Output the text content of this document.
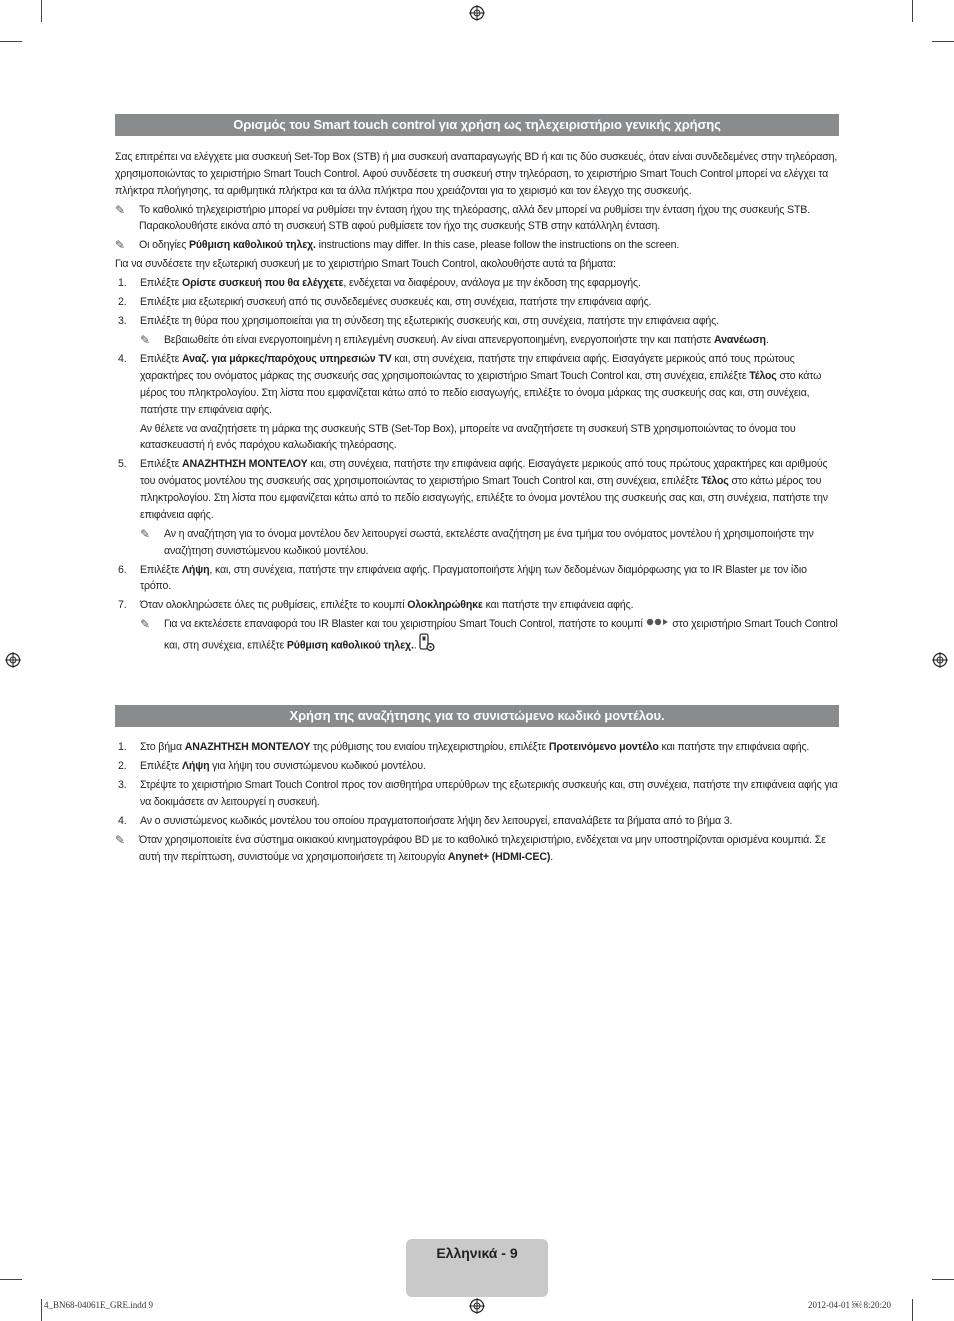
Ορισμός του Smart touch control για χρήση ως τηλεχειριστήριο γενικής χρήσης

Σας επιτρέπει να ελέγχετε μια συσκευή Set-Top Box (STB) ή μια συσκευή αναπαραγωγής BD ή και τις δύο συσκευές, όταν είναι συνδεδεμένες στην τηλεόραση, χρησιμοποιώντας το χειριστήριο Smart Touch Control. Αφού συνδέσετε τη συσκευή στην τηλεόραση, το χειριστήριο Smart Touch Control μπορεί να ελέγχει τα πλήκτρα πλοήγησης, τα αριθμητικά πλήκτρα και τα άλλα πλήκτρα που χρειάζονται για το χειρισμό και τον έλεγχο της συσκευής.

✎ Το καθολικό τηλεχειριστήριο μπορεί να ρυθμίσει την ένταση ήχου της τηλεόρασης, αλλά δεν μπορεί να ρυθμίσει την ένταση ήχου της συσκευής STB. Παρακολουθήστε εικόνα από τη συσκευή STB αφού ρυθμίσετε τον ήχο της συσκευής STB στην κατάλληλη ένταση.

✎ Οι οδηγίες Ρύθμιση καθολικού τηλεχ. instructions may differ. In this case, please follow the instructions on the screen.

Για να συνδέσετε την εξωτερική συσκευή με το χειριστήριο Smart Touch Control, ακολουθήστε αυτά τα βήματα:

1. Επιλέξτε Ορίστε συσκευή που θα ελέγχετε, ενδέχεται να διαφέρουν, ανάλογα με την έκδοση της εφαρμογής.

2. Επιλέξτε μια εξωτερική συσκευή από τις συνδεδεμένες συσκευές και, στη συνέχεια, πατήστε την επιφάνεια αφής.

3. Επιλέξτε τη θύρα που χρησιμοποιείται για τη σύνδεση της εξωτερικής συσκευής και, στη συνέχεια, πατήστε την επιφάνεια αφής.

✎ Βεβαιωθείτε ότι είναι ενεργοποιημένη η επιλεγμένη συσκευή. Αν είναι απενεργοποιημένη, ενεργοποιήστε την και πατήστε Ανανέωση.

4. Επιλέξτε Αναζ. για μάρκες/παρόχους υπηρεσιών TV και, στη συνέχεια, πατήστε την επιφάνεια αφής. Εισαγάγετε μερικούς από τους πρώτους χαρακτήρες του ονόματος μάρκας της συσκευής σας χρησιμοποιώντας το χειριστήριο Smart Touch Control και, στη συνέχεια, επιλέξτε Τέλος στο κάτω μέρος του πληκτρολογίου. Στη λίστα που εμφανίζεται κάτω από το πεδίο εισαγωγής, επιλέξτε το όνομα μάρκας της συσκευής σας και, στη συνέχεια, πατήστε την επιφάνεια αφής.

Αν θέλετε να αναζητήσετε τη μάρκα της συσκευής STB (Set-Top Box), μπορείτε να αναζητήσετε τη συσκευή STB χρησιμοποιώντας το όνομα του κατασκευαστή ή ενός παρόχου καλωδιακής τηλεόρασης.

5. Επιλέξτε ΑΝΑΖΗΤΗΣΗ ΜΟΝΤΕΛΟΥ και, στη συνέχεια, πατήστε την επιφάνεια αφής. Εισαγάγετε μερικούς από τους πρώτους χαρακτήρες και αριθμούς του ονόματος μοντέλου της συσκευής σας χρησιμοποιώντας το χειριστήριο Smart Touch Control και, στη συνέχεια, επιλέξτε Τέλος στο κάτω μέρος του πληκτρολογίου. Στη λίστα που εμφανίζεται κάτω από το πεδίο εισαγωγής, επιλέξτε το όνομα μοντέλου της συσκευής σας και, στη συνέχεια, πατήστε την επιφάνεια αφής.

✎ Αν η αναζήτηση για το όνομα μοντέλου δεν λειτουργεί σωστά, εκτελέστε αναζήτηση με ένα τμήμα του ονόματος μοντέλου ή χρησιμοποιήστε την αναζήτηση συνιστώμενου κωδικού μοντέλου.

6. Επιλέξτε Λήψη, και, στη συνέχεια, πατήστε την επιφάνεια αφής. Πραγματοποιήστε λήψη των δεδομένων διαμόρφωσης για το IR Blaster με τον ίδιο τρόπο.

7. Όταν ολοκληρώσετε όλες τις ρυθμίσεις, επιλέξτε το κουμπί Ολοκληρώθηκε και πατήστε την επιφάνεια αφής.

✎ Για να εκτελέσετε επαναφορά του IR Blaster και του χειριστηρίου Smart Touch Control, πατήστε το κουμπί  στο χειριστήριο Smart Touch Control και, στη συνέχεια, επιλέξτε Ρύθμιση καθολικού τηλεχ..

Χρήση της αναζήτησης για το συνιστώμενο κωδικό μοντέλου.

1. Στο βήμα ΑΝΑΖΗΤΗΣΗ ΜΟΝΤΕΛΟΥ της ρύθμισης του ενιαίου τηλεχειριστηρίου, επιλέξτε Προτεινόμενο μοντέλο και πατήστε την επιφάνεια αφής.

2. Επιλέξτε Λήψη για λήψη του συνιστώμενου κωδικού μοντέλου.

3. Στρέψτε το χειριστήριο Smart Touch Control προς τον αισθητήρα υπερύθρων της εξωτερικής συσκευής και, στη συνέχεια, πατήστε την επιφάνεια αφής για να δοκιμάσετε αν λειτουργεί η συσκευή.

4. Αν ο συνιστώμενος κωδικός μοντέλου του οποίου πραγματοποιήσατε λήψη δεν λειτουργεί, επαναλάβετε τα βήματα από το βήμα 3.

✎ Όταν χρησιμοποιείτε ένα σύστημα οικιακού κινηματογράφου BD με το καθολικό τηλεχειριστήριο, ενδέχεται να μην υποστηρίζονται ορισμένα κουμπιά. Σε αυτή την περίπτωση, συνιστούμε να χρησιμοποιήσετε τη λειτουργία Anynet+ (HDMI-CEC).

Ελληνικά - 9
4_BN68-04061E_GRE.indd 9	2012-04-01 ￼ 8:20:20
